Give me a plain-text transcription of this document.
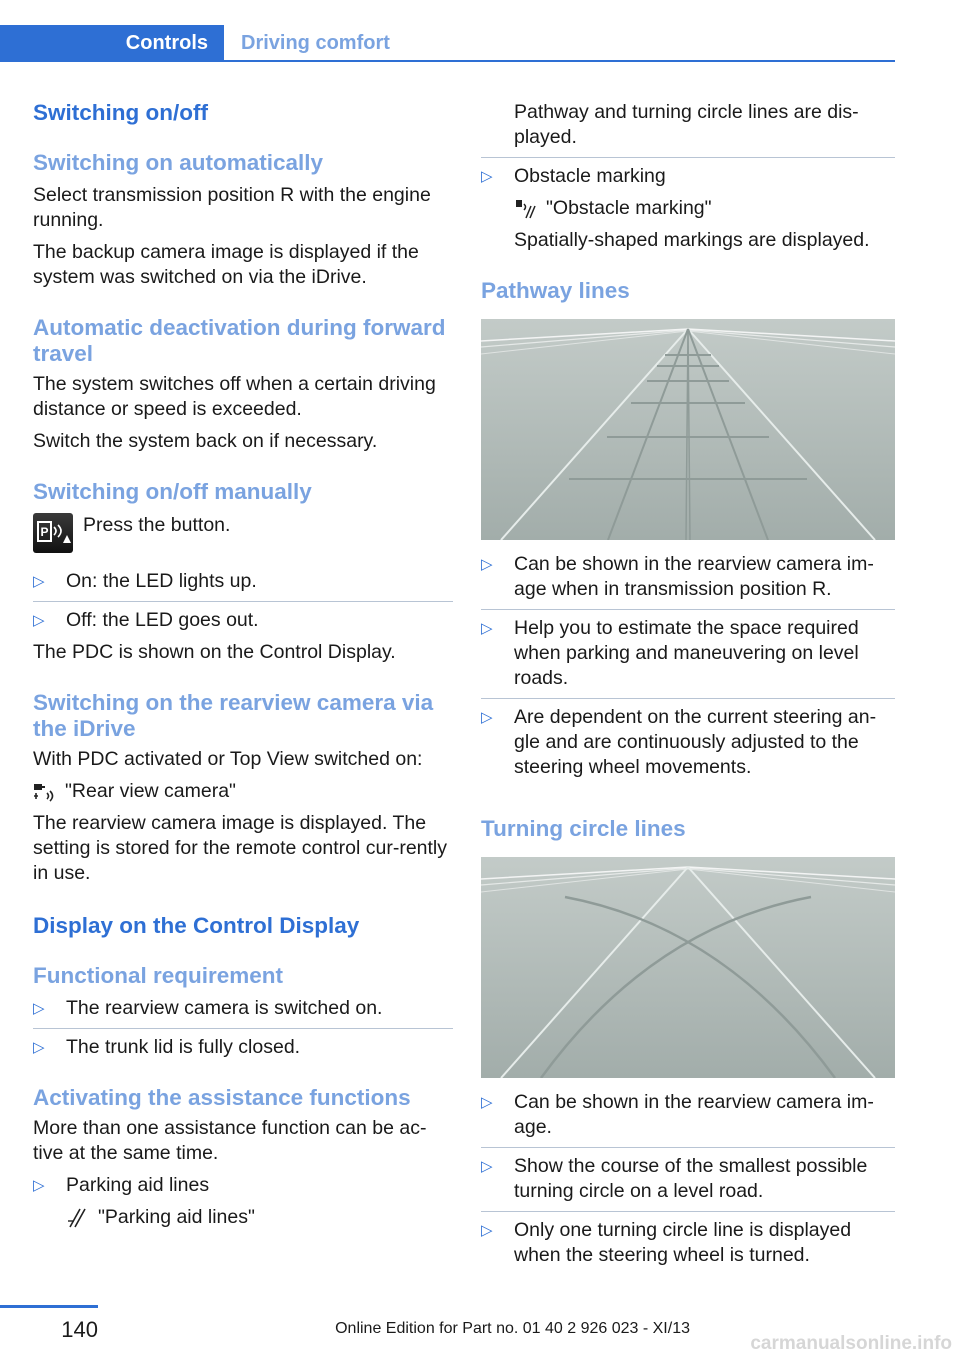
Controls	Driving comfort
Switching on/off
Switching on automatically

Select transmission position R with the engine running.

The backup camera image is displayed if the system was switched on via the iDrive.

Automatic deactivation during forward travel

The system switches off when a certain driving distance or speed is exceeded.

Switch the system back on if necessary.

Switching on/off manually
P Press the button.
▷ On: the LED lights up.
▷ Off: the LED goes out.

The PDC is shown on the Control Display.

Switching on the rearview camera via the iDrive

With PDC activated or Top View switched on:

"Rear view camera"

The rearview camera image is displayed. The setting is stored for the remote control cur-rently in use.

Display on the Control Display
Functional requirement
▷ The rearview camera is switched on.
▷ The trunk lid is fully closed.
Activating the assistance functions

More than one assistance function can be ac-tive at the same time.

▷ Parking aid lines
"Parking aid lines"

Pathway and turning circle lines are dis-played.

▷ Obstacle marking
"Obstacle marking"

Spatially-shaped markings are displayed.

Pathway lines
▷ Can be shown in the rearview camera im-age when in transmission position R.
▷ Help you to estimate the space required when parking and maneuvering on level roads.
▷ Are dependent on the current steering an-gle and are continuously adjusted to the steering wheel movements.
Turning circle lines
▷ Can be shown in the rearview camera im-age.
▷ Show the course of the smallest possible turning circle on a level road.
▷ Only one turning circle line is displayed when the steering wheel is turned.
140	Online Edition for Part no. 01 40 2 926 023 - XI/13
carmanualsonline.info
